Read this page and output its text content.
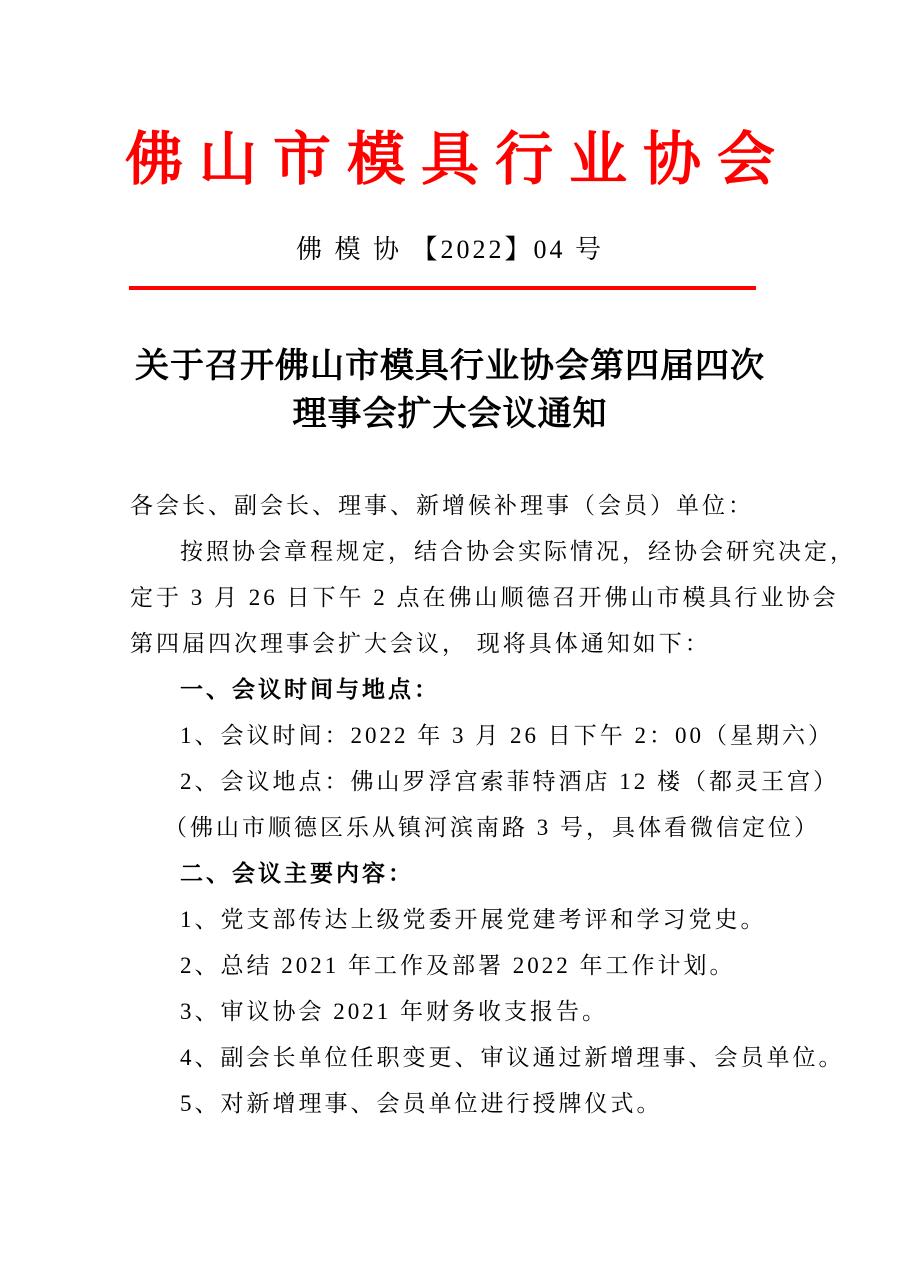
佛山市模具行业协会
佛 模 协 【2022】04 号
关于召开佛山市模具行业协会第四届四次
理事会扩大会议通知

各会长、副会长、理事、新增候补理事（会员）单位：

按照协会章程规定，结合协会实际情况，经协会研究决定，

定于 3 月 26 日下午 2 点在佛山顺德召开佛山市模具行业协会

第四届四次理事会扩大会议， 现将具体通知如下：

一、会议时间与地点：

1、会议时间：2022 年 3 月 26 日下午 2：00（星期六）

2、会议地点：佛山罗浮宫索菲特酒店 12 楼（都灵王宫）

（佛山市顺德区乐从镇河滨南路 3 号，具体看微信定位）

二、会议主要内容：

1、党支部传达上级党委开展党建考评和学习党史。

2、总结 2021 年工作及部署 2022 年工作计划。

3、审议协会 2021 年财务收支报告。

4、副会长单位任职变更、审议通过新增理事、会员单位。

5、对新增理事、会员单位进行授牌仪式。
